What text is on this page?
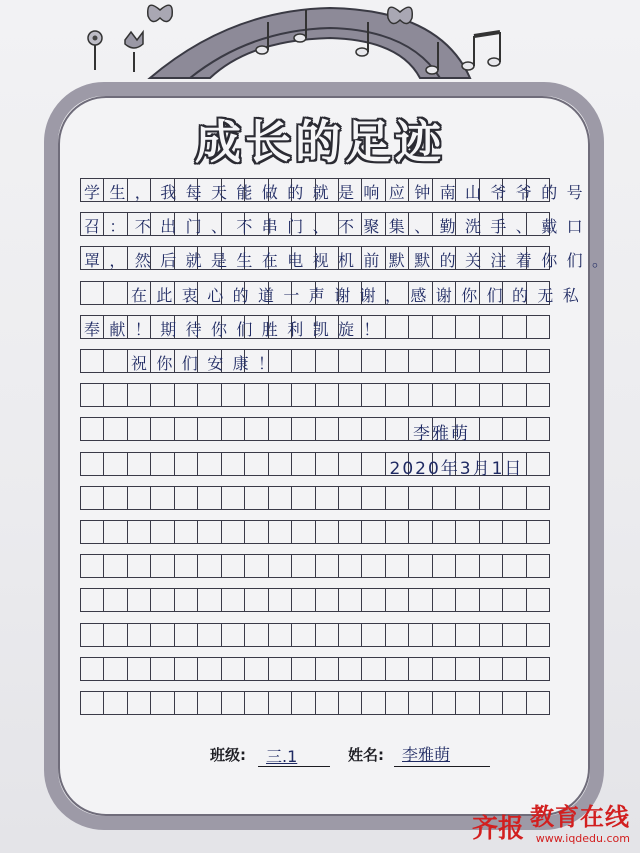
成长的足迹
学生，我每天能做的就是响应钟南山爷爷的号
召：不出门、不串门、不聚集、勤洗手、戴口
罩，然后就是生在电视机前默默的关注着你们。
在此衷心的道一声谢谢，感谢你们的无私
奉献！期待你们胜利凯旋！
祝你们安康！
李雅萌
2020年3月1日
班级: 三.1	姓名: 李雅萌
齐报 教育在线
www.iqdedu.com
